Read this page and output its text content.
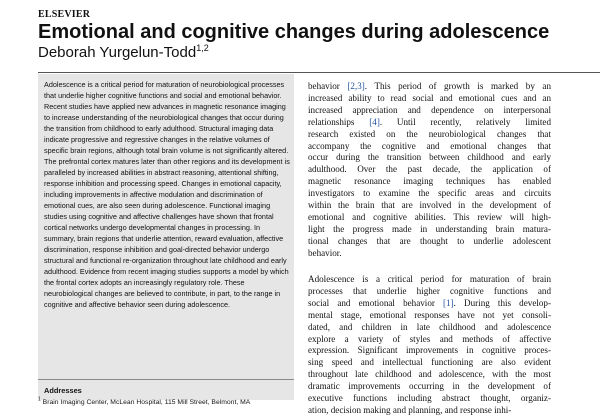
ELSEVIER
Emotional and cognitive changes during adolescence
Deborah Yurgelun-Todd$^{1,2}$

Adolescence is a critical period for maturation of neurobiological processes that underlie higher cognitive functions and social and emotional behavior. Recent studies have applied new advances in magnetic resonance imaging to increase understanding of the neurobiological changes that occur during the transition from childhood to early adulthood. Structural imaging data indicate progressive and regressive changes in the relative volumes of specific brain regions, although total brain volume is not significantly altered. The prefrontal cortex matures later than other regions and its development is paralleled by increased abilities in abstract reasoning, attentional shifting, response inhibition and processing speed. Changes in emotional capacity, including improvements in affective modulation and discrimination of emotional cues, are also seen during adolescence. Functional imaging studies using cognitive and affective challenges have shown that frontal cortical networks undergo developmental changes in processing. In summary, brain regions that underlie attention, reward evaluation, affective discrimination, response inhibition and goal-directed behavior undergo structural and functional re-organization throughout late childhood and early adulthood. Evidence from recent imaging studies supports a model by which the frontal cortex adopts an increasingly regulatory role. These neurobiological changes are believed to contribute, in part, to the range in cognitive and affective behavior seen during adolescence.

Addresses
$^1$ Brain Imaging Center, McLean Hospital, 115 Mill Street, Belmont, MA
behavior [2,3]. This period of growth is marked by an
increased ability to read social and emotional cues and an
increased appreciation and dependence on interpersonal
relationships [4]. Until recently, relatively limited
research existed on the neurobiological changes that
accompany the cognitive and emotional changes that
occur during the transition between childhood and early
adulthood. Over the past decade, the application of
magnetic resonance imaging techniques has enabled
investigators to examine the specific areas and circuits
within the brain that are involved in the development of
emotional and cognitive abilities. This review will high-
light the progress made in understanding brain matura-
tional changes that are thought to underlie adolescent
behavior.
Adolescence is a critical period for maturation of brain
processes that underlie higher cognitive functions and
social and emotional behavior [1]. During this develop-
mental stage, emotional responses have not yet consoli-
dated, and children in late childhood and adolescence
explore a variety of styles and methods of affective
expression. Significant improvements in cognitive proces-
sing speed and intellectual functioning are also evident
throughout late childhood and adolescence, with the most
dramatic improvements occurring in the development of
executive functions including abstract thought, organiz-
ation, decision making and planning, and response inhi-
